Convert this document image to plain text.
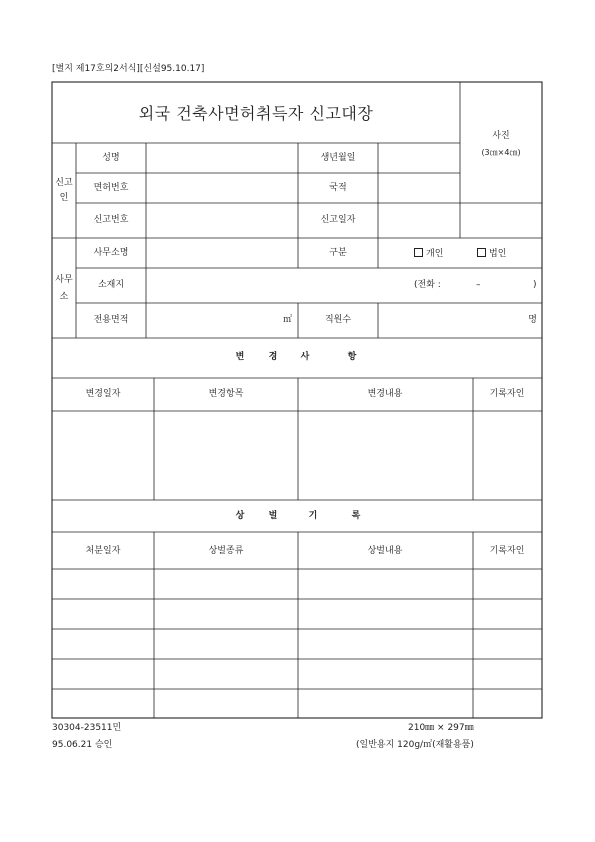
[별지 제17호의2서식][신설95.10.17]
외국 건축사면허취득자 신고대장
사진
(3㎝×4㎝)
신고
인
성명	생년월일
면허번호	국적
신고번호	신고일자
사무
소
사무소명	구분	개인	법인
소재지	(전화 :	–	)
전용면적	㎡	직원수	명
변	경	사	항
변경일자	변경항목	변경내용	기록자인
상	벌	기	록
처분일자	상벌종류	상벌내용	기록자인
30304-23511민
95.06.21 승인
210㎜ × 297㎜
(일반용지 120g/㎡(재활용품)
